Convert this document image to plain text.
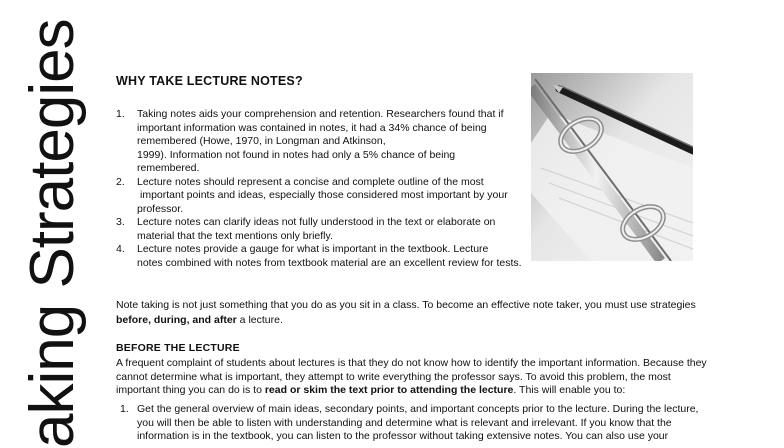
aking Strategies WHY TAKE LECTURE NOTES?
1. Taking notes aids your comprehension and retention. Researchers found that if
important information was contained in notes, it had a 34% chance of being
remembered (Howe, 1970, in Longman and Atkinson,
1999). Information not found in notes had only a 5% chance of being
remembered.
2. Lecture notes should represent a concise and complete outline of the most
important points and ideas, especially those considered most important by your
professor.
3. Lecture notes can clarify ideas not fully understood in the text or elaborate on
material that the text mentions only briefly.
4. Lecture notes provide a gauge for what is important in the textbook. Lecture
notes combined with notes from textbook material are an excellent review for tests.
Note taking is not just something that you do as you sit in a class. To become an effective note taker, you must use strategies
before, during, and after a lecture.
BEFORE THE LECTURE
A frequent complaint of students about lectures is that they do not know how to identify the important information. Because they cannot determine what is important, they attempt to write everything the professor says. To avoid this problem, the most important thing you can do is to read or skim the text prior to attending the lecture. This will enable you to:
1. Get the general overview of main ideas, secondary points, and important concepts prior to the lecture. During the lecture, you will then be able to listen with understanding and determine what is relevant and irrelevant. If you know that the information is in the textbook, you can listen to the professor without taking extensive notes. You can also use your
